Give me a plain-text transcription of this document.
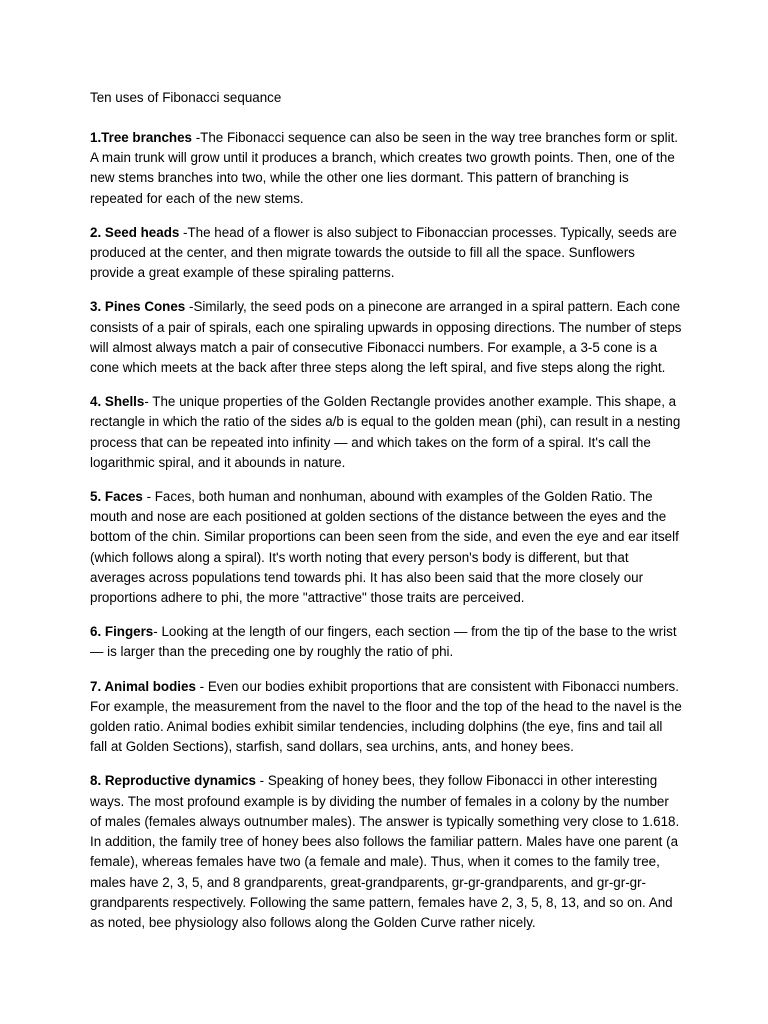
Ten uses of Fibonacci sequance

1.Tree branches -The Fibonacci sequence can also be seen in the way tree branches form or split. A main trunk will grow until it produces a branch, which creates two growth points. Then, one of the new stems branches into two, while the other one lies dormant. This pattern of branching is repeated for each of the new stems.

2. Seed heads -The head of a flower is also subject to Fibonaccian processes. Typically, seeds are produced at the center, and then migrate towards the outside to fill all the space. Sunflowers provide a great example of these spiraling patterns.

3. Pines Cones -Similarly, the seed pods on a pinecone are arranged in a spiral pattern. Each cone consists of a pair of spirals, each one spiraling upwards in opposing directions. The number of steps will almost always match a pair of consecutive Fibonacci numbers. For example, a 3-5 cone is a cone which meets at the back after three steps along the left spiral, and five steps along the right.

4. Shells- The unique properties of the Golden Rectangle provides another example. This shape, a rectangle in which the ratio of the sides a/b is equal to the golden mean (phi), can result in a nesting process that can be repeated into infinity — and which takes on the form of a spiral. It's call the logarithmic spiral, and it abounds in nature.

5. Faces - Faces, both human and nonhuman, abound with examples of the Golden Ratio. The mouth and nose are each positioned at golden sections of the distance between the eyes and the bottom of the chin. Similar proportions can been seen from the side, and even the eye and ear itself (which follows along a spiral). It's worth noting that every person's body is different, but that averages across populations tend towards phi. It has also been said that the more closely our proportions adhere to phi, the more "attractive" those traits are perceived.

6. Fingers- Looking at the length of our fingers, each section — from the tip of the base to the wrist — is larger than the preceding one by roughly the ratio of phi.

7. Animal bodies - Even our bodies exhibit proportions that are consistent with Fibonacci numbers. For example, the measurement from the navel to the floor and the top of the head to the navel is the golden ratio. Animal bodies exhibit similar tendencies, including dolphins (the eye, fins and tail all fall at Golden Sections), starfish, sand dollars, sea urchins, ants, and honey bees.

8. Reproductive dynamics - Speaking of honey bees, they follow Fibonacci in other interesting ways. The most profound example is by dividing the number of females in a colony by the number of males (females always outnumber males). The answer is typically something very close to 1.618. In addition, the family tree of honey bees also follows the familiar pattern. Males have one parent (a female), whereas females have two (a female and male). Thus, when it comes to the family tree, males have 2, 3, 5, and 8 grandparents, great-grandparents, gr-gr-grandparents, and gr-gr-gr-grandparents respectively. Following the same pattern, females have 2, 3, 5, 8, 13, and so on. And as noted, bee physiology also follows along the Golden Curve rather nicely.
